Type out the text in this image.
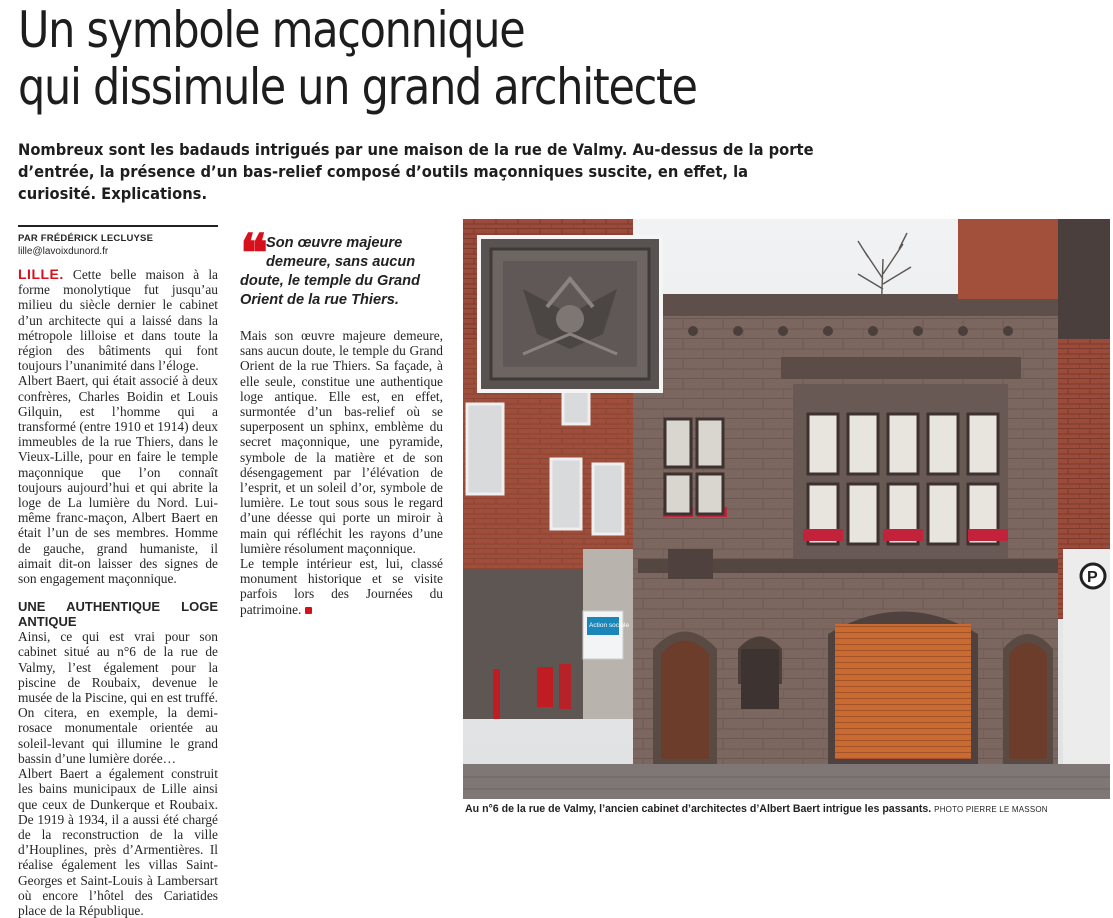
Un symbole maçonnique
qui dissimule un grand architecte

Nombreux sont les badauds intrigués par une maison de la rue de Valmy. Au-dessus de la porte d’entrée, la présence d’un bas-relief composé d’outils maçonniques suscite, en effet, la curiosité. Explications.

PAR FRÉDÉRICK LECLUYSE
lille@lavoixdunord.fr

LILLE. Cette belle maison à la forme monolytique fut jusqu’au milieu du siècle dernier le cabinet d’un architecte qui a laissé dans la métropole lilloise et dans toute la région des bâtiments qui font toujours l’unanimité dans l’éloge.

Albert Baert, qui était associé à deux confrères, Charles Boidin et Louis Gilquin, est l’homme qui a transformé (entre 1910 et 1914) deux immeubles de la rue Thiers, dans le Vieux-Lille, pour en faire le temple maçonnique que l’on connaît toujours aujourd’hui et qui abrite la loge de La lumière du Nord. Lui-même franc-maçon, Albert Baert en était l’un de ses membres. Homme de gauche, grand humaniste, il aimait dit-on laisser des signes de son engagement maçonnique.

UNE AUTHENTIQUE LOGE ANTIQUE

Ainsi, ce qui est vrai pour son cabinet situé au n°6 de la rue de Valmy, l’est également pour la piscine de Roubaix, devenue le musée de la Piscine, qui en est truffé. On citera, en exemple, la demi-rosace monumentale orientée au soleil-levant qui illumine le grand bassin d’une lumière dorée…

Albert Baert a également construit les bains municipaux de Lille ainsi que ceux de Dunkerque et Roubaix. De 1919 à 1934, il a aussi été chargé de la reconstruction de la ville d’Houplines, près d’Armentières. Il réalise également les villas Saint-Georges et Saint-Louis à Lambersart où encore l’hôtel des Cariatides place de la République.

❝ Son œuvre majeure demeure, sans aucun doute, le temple du Grand Orient de la rue Thiers.

Mais son œuvre majeure demeure, sans aucun doute, le temple du Grand Orient de la rue Thiers. Sa façade, à elle seule, constitue une authentique loge antique. Elle est, en effet, surmontée d’un bas-relief où se superposent un sphinx, emblème du secret maçonnique, une pyramide, symbole de la matière et de son désengagement par l’élévation de l’esprit, et un soleil d’or, symbole de lumière. Le tout sous sous le regard d’une déesse qui porte un miroir à main qui réfléchit les rayons d’une lumière résolument maçonnique.

Le temple intérieur est, lui, classé monument historique et se visite parfois lors des Journées du patrimoine.

Action sociale
P
Au n°6 de la rue de Valmy, l’ancien cabinet d’architectes d’Albert Baert intrigue les passants. PHOTO PIERRE LE MASSON
